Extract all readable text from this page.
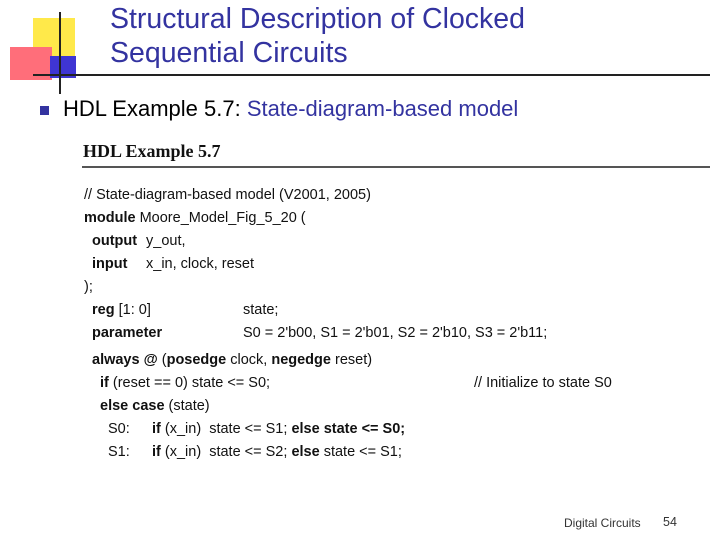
Structural Description of Clocked
Sequential Circuits
HDL Example 5.7: State-diagram-based model
HDL Example 5.7
// State-diagram-based model (V2001, 2005)
module Moore_Model_Fig_5_20 (
output y_out,
input x_in, clock, reset
);
reg [1: 0]	state;
parameter	S0 = 2'b00, S1 = 2'b01, S2 = 2'b10, S3 = 2'b11;
always @ (posedge clock, negedge reset)
if (reset == 0) state <= S0;	// Initialize to state S0
else case (state)
S0: if (x_in)  state <= S1; else state <= S0;
S1: if (x_in)  state <= S2; else state <= S1;
Digital Circuits 54
